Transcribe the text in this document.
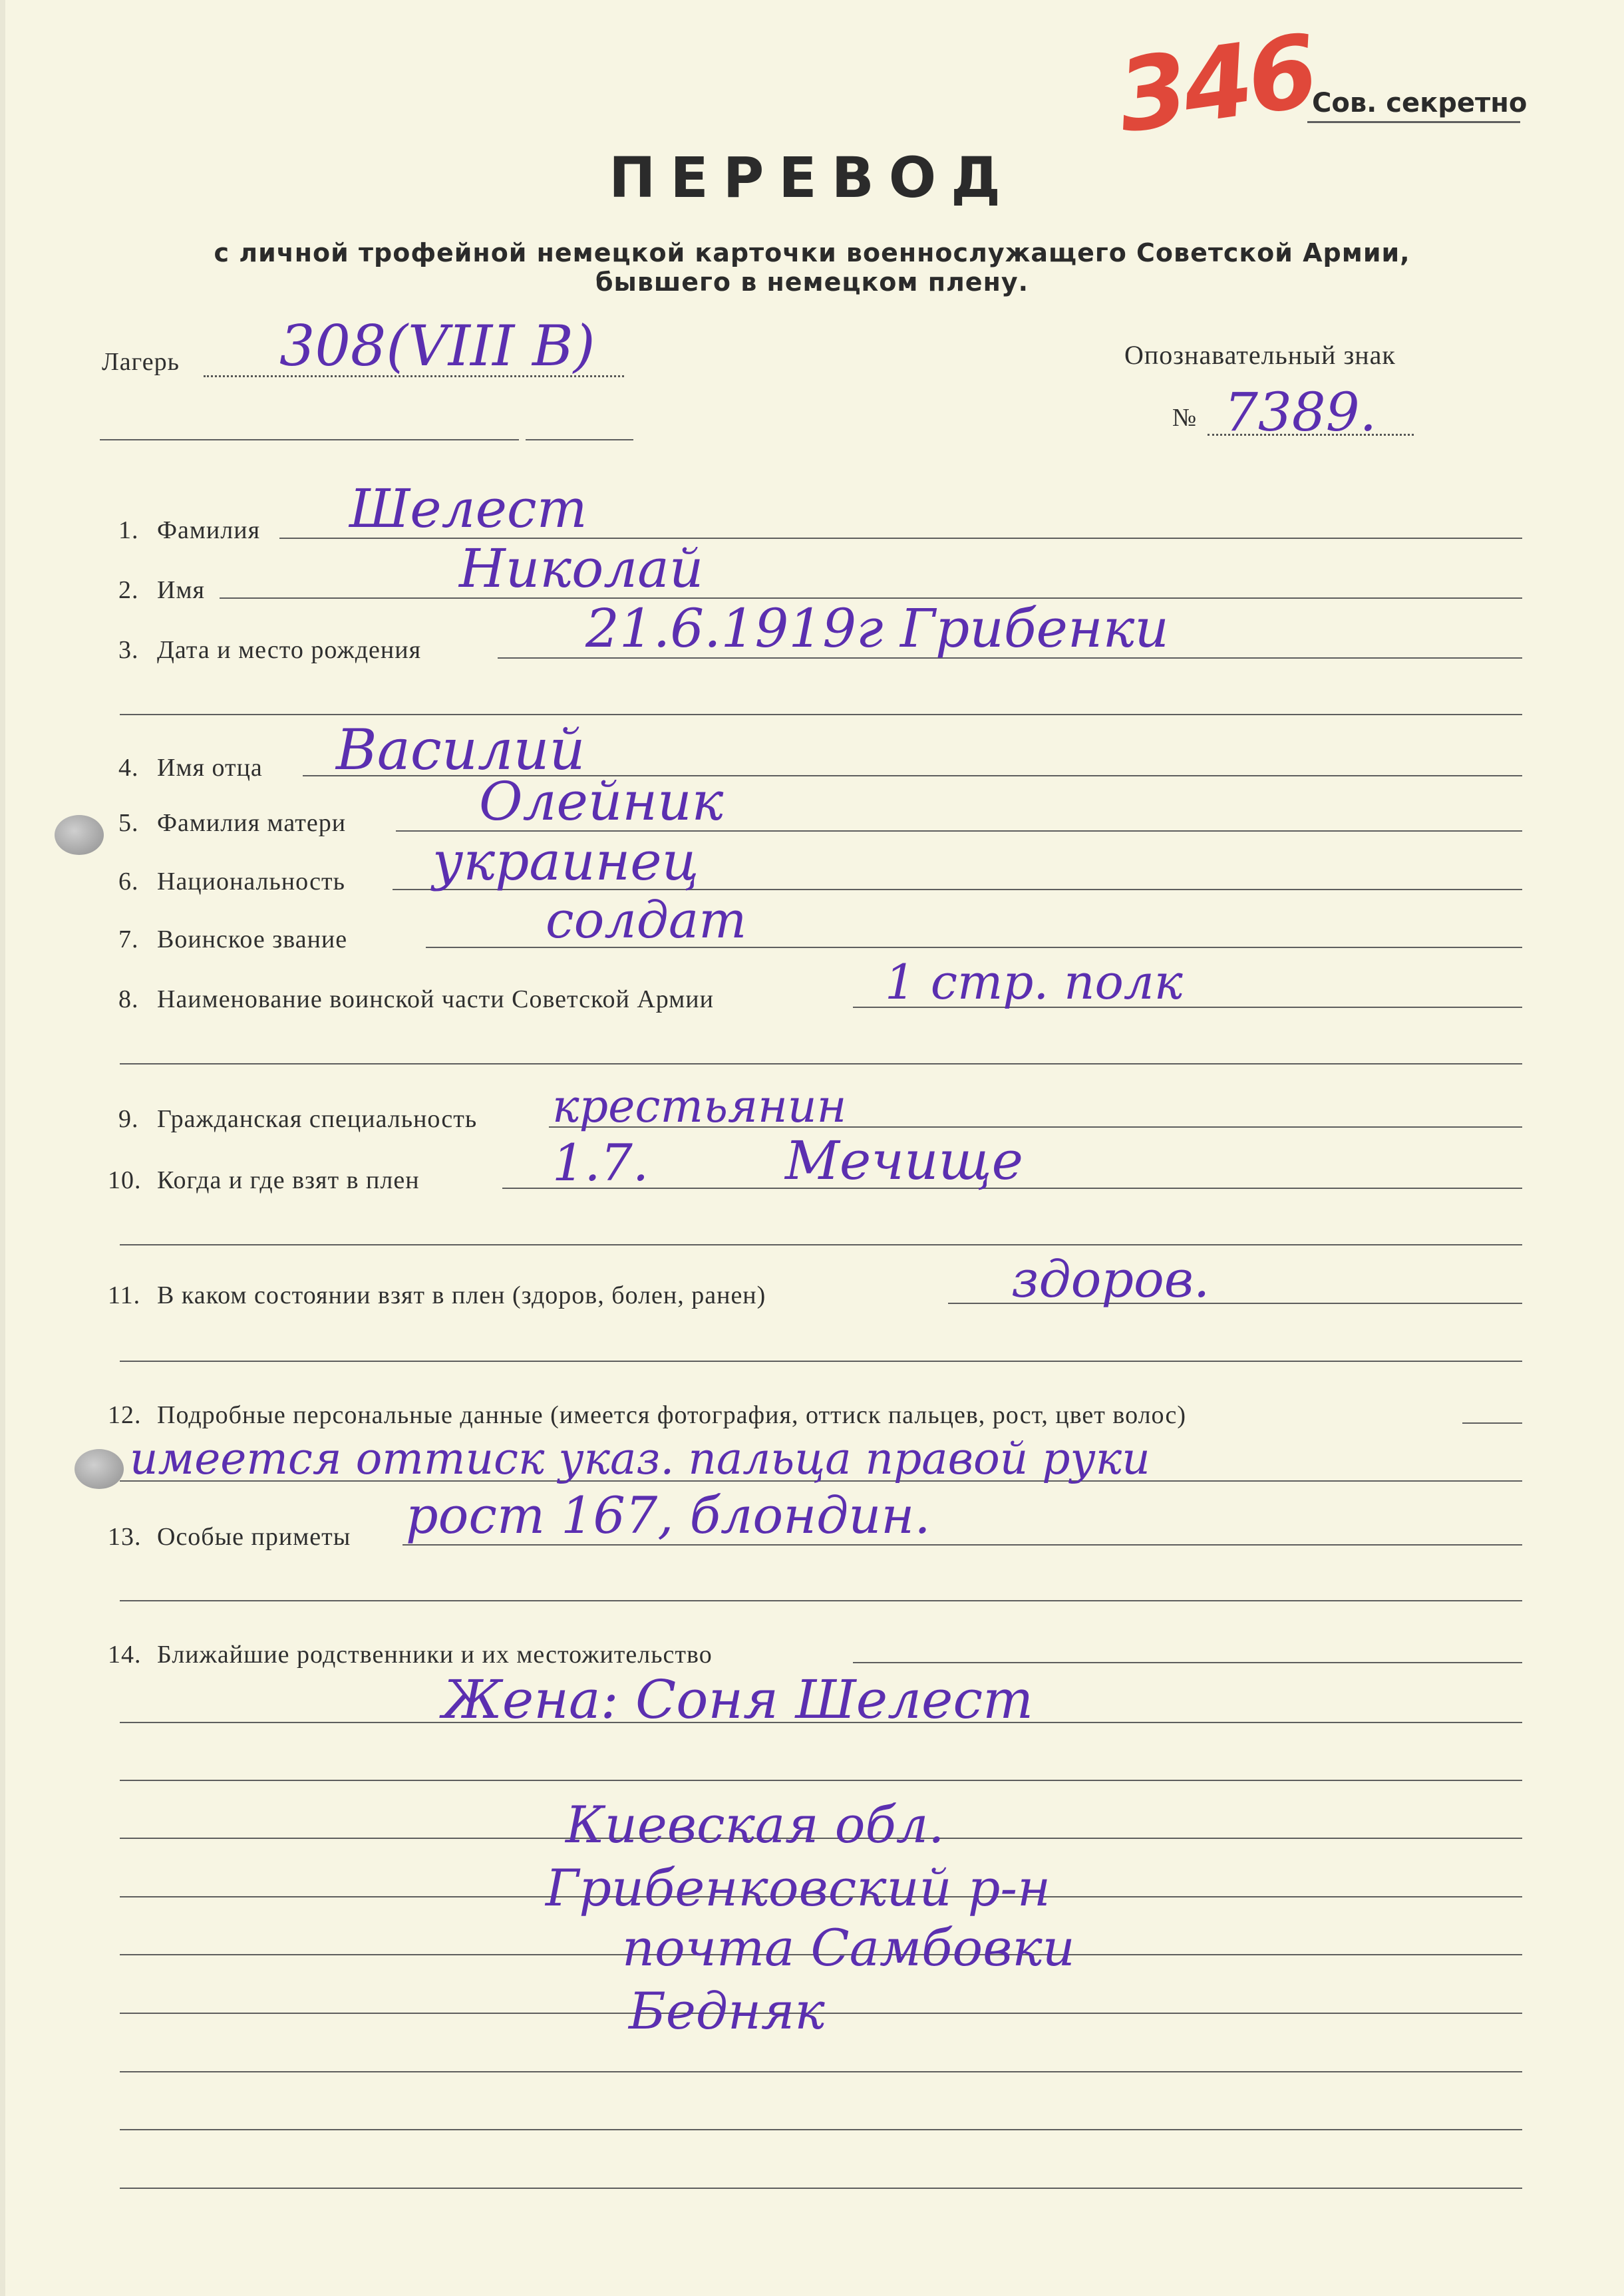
346
Сов. секретно
ПЕРЕВОД
с личной трофейной немецкой карточки военнослужащего Советской Армии,
бывшего в немецком плену.
Лагерь 308(VIII B)	Опознавательный знак
№ 7389.
1. Фамилия Шелест
2. Имя	Николай
3. Дата и место рождения	21.6.1919г Грибенки
4. Имя отца Василий
5. Фамилия матери Олейник
6. Национальность украинец
7. Воинское звание	солдат
8. Наименование воинской части Советской Армии	1 стр. полк
9. Гражданская специальность крестьянин
10. Когда и где взят в плен	1.7.	Мечище
11. В каком состоянии взят в плен (здоров, болен, ранен)	здоров.
12. Подробные персональные данные (имеется фотография, оттиск пальцев, рост, цвет волос)
имеется оттиск указ. пальца правой руки
13. Особые приметы рост 167, блондин.
14. Ближайшие родственники и их местожительство
Жена: Соня Шелест
Киевская обл.
Грибенковский р-н
почта Самбовки
Бедняк
